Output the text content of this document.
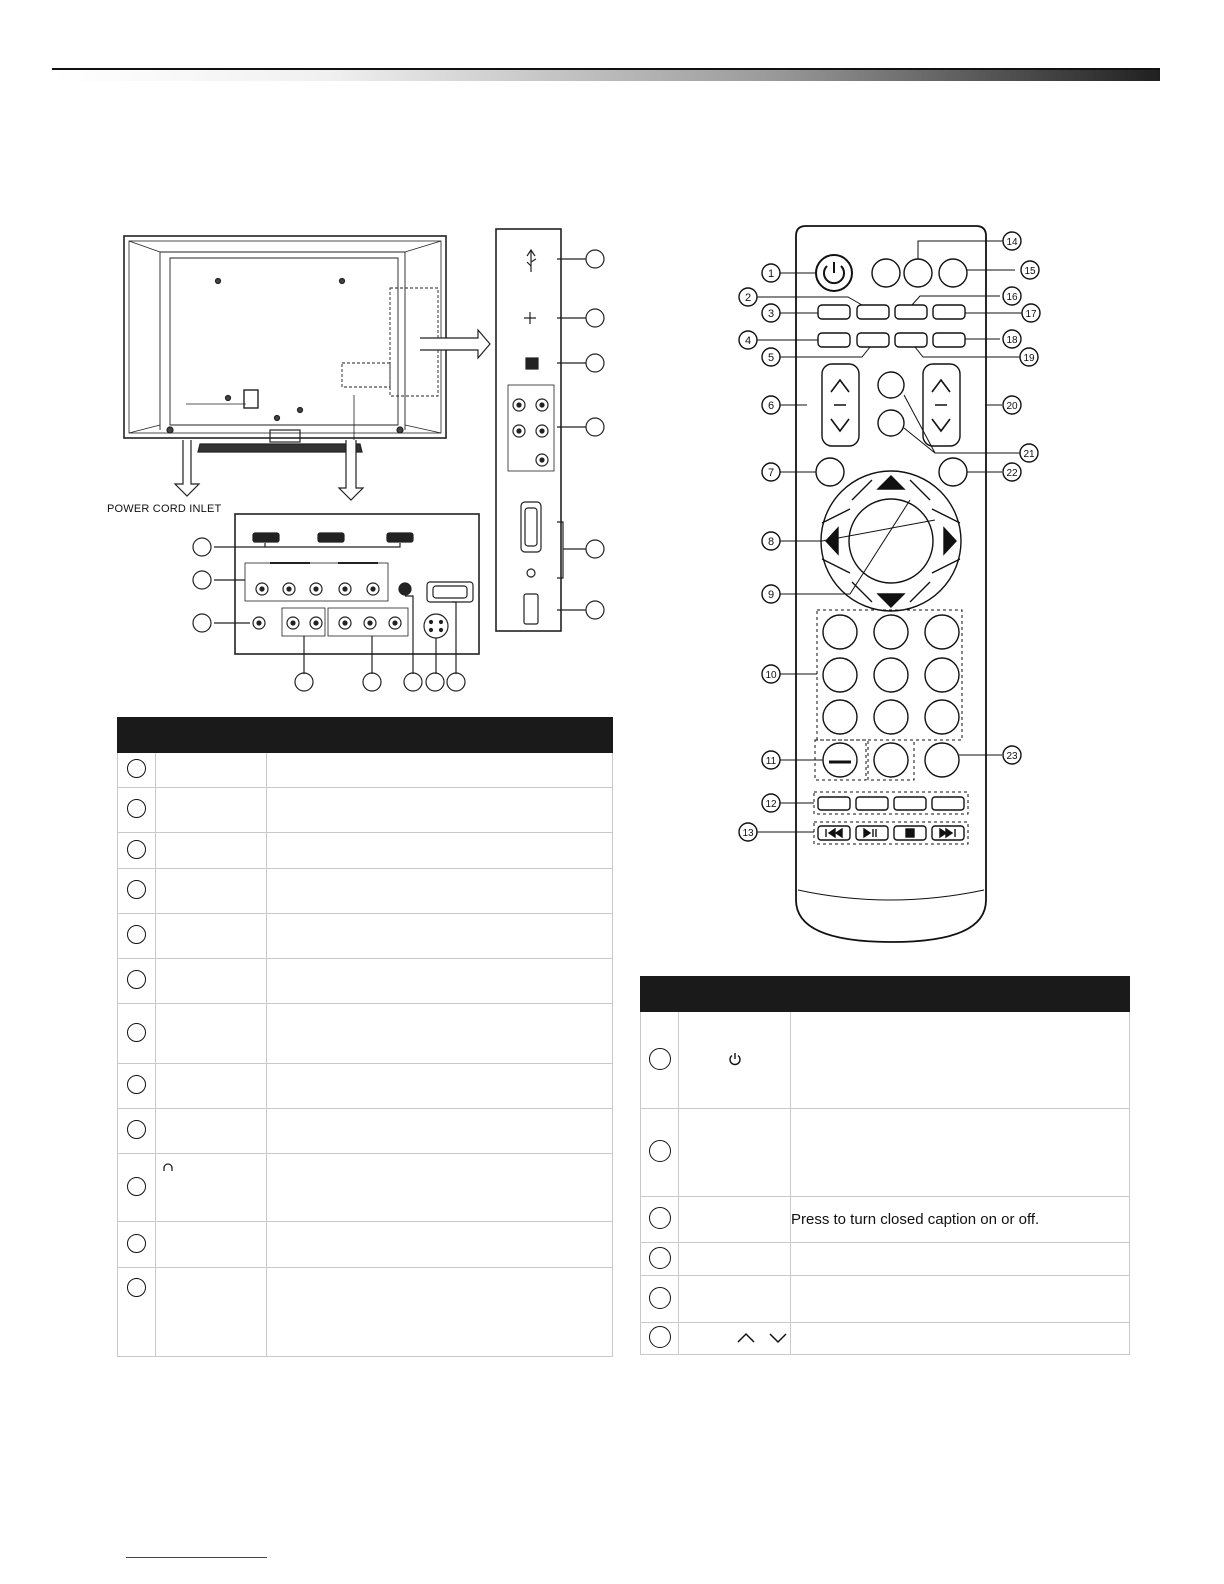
POWER CORD INLET

1
2
3
4
5
6
7
8
9
10
11
12
13
14
15
16
17
18
19
20
21
22
23

		Press to turn closed caption on or off.
